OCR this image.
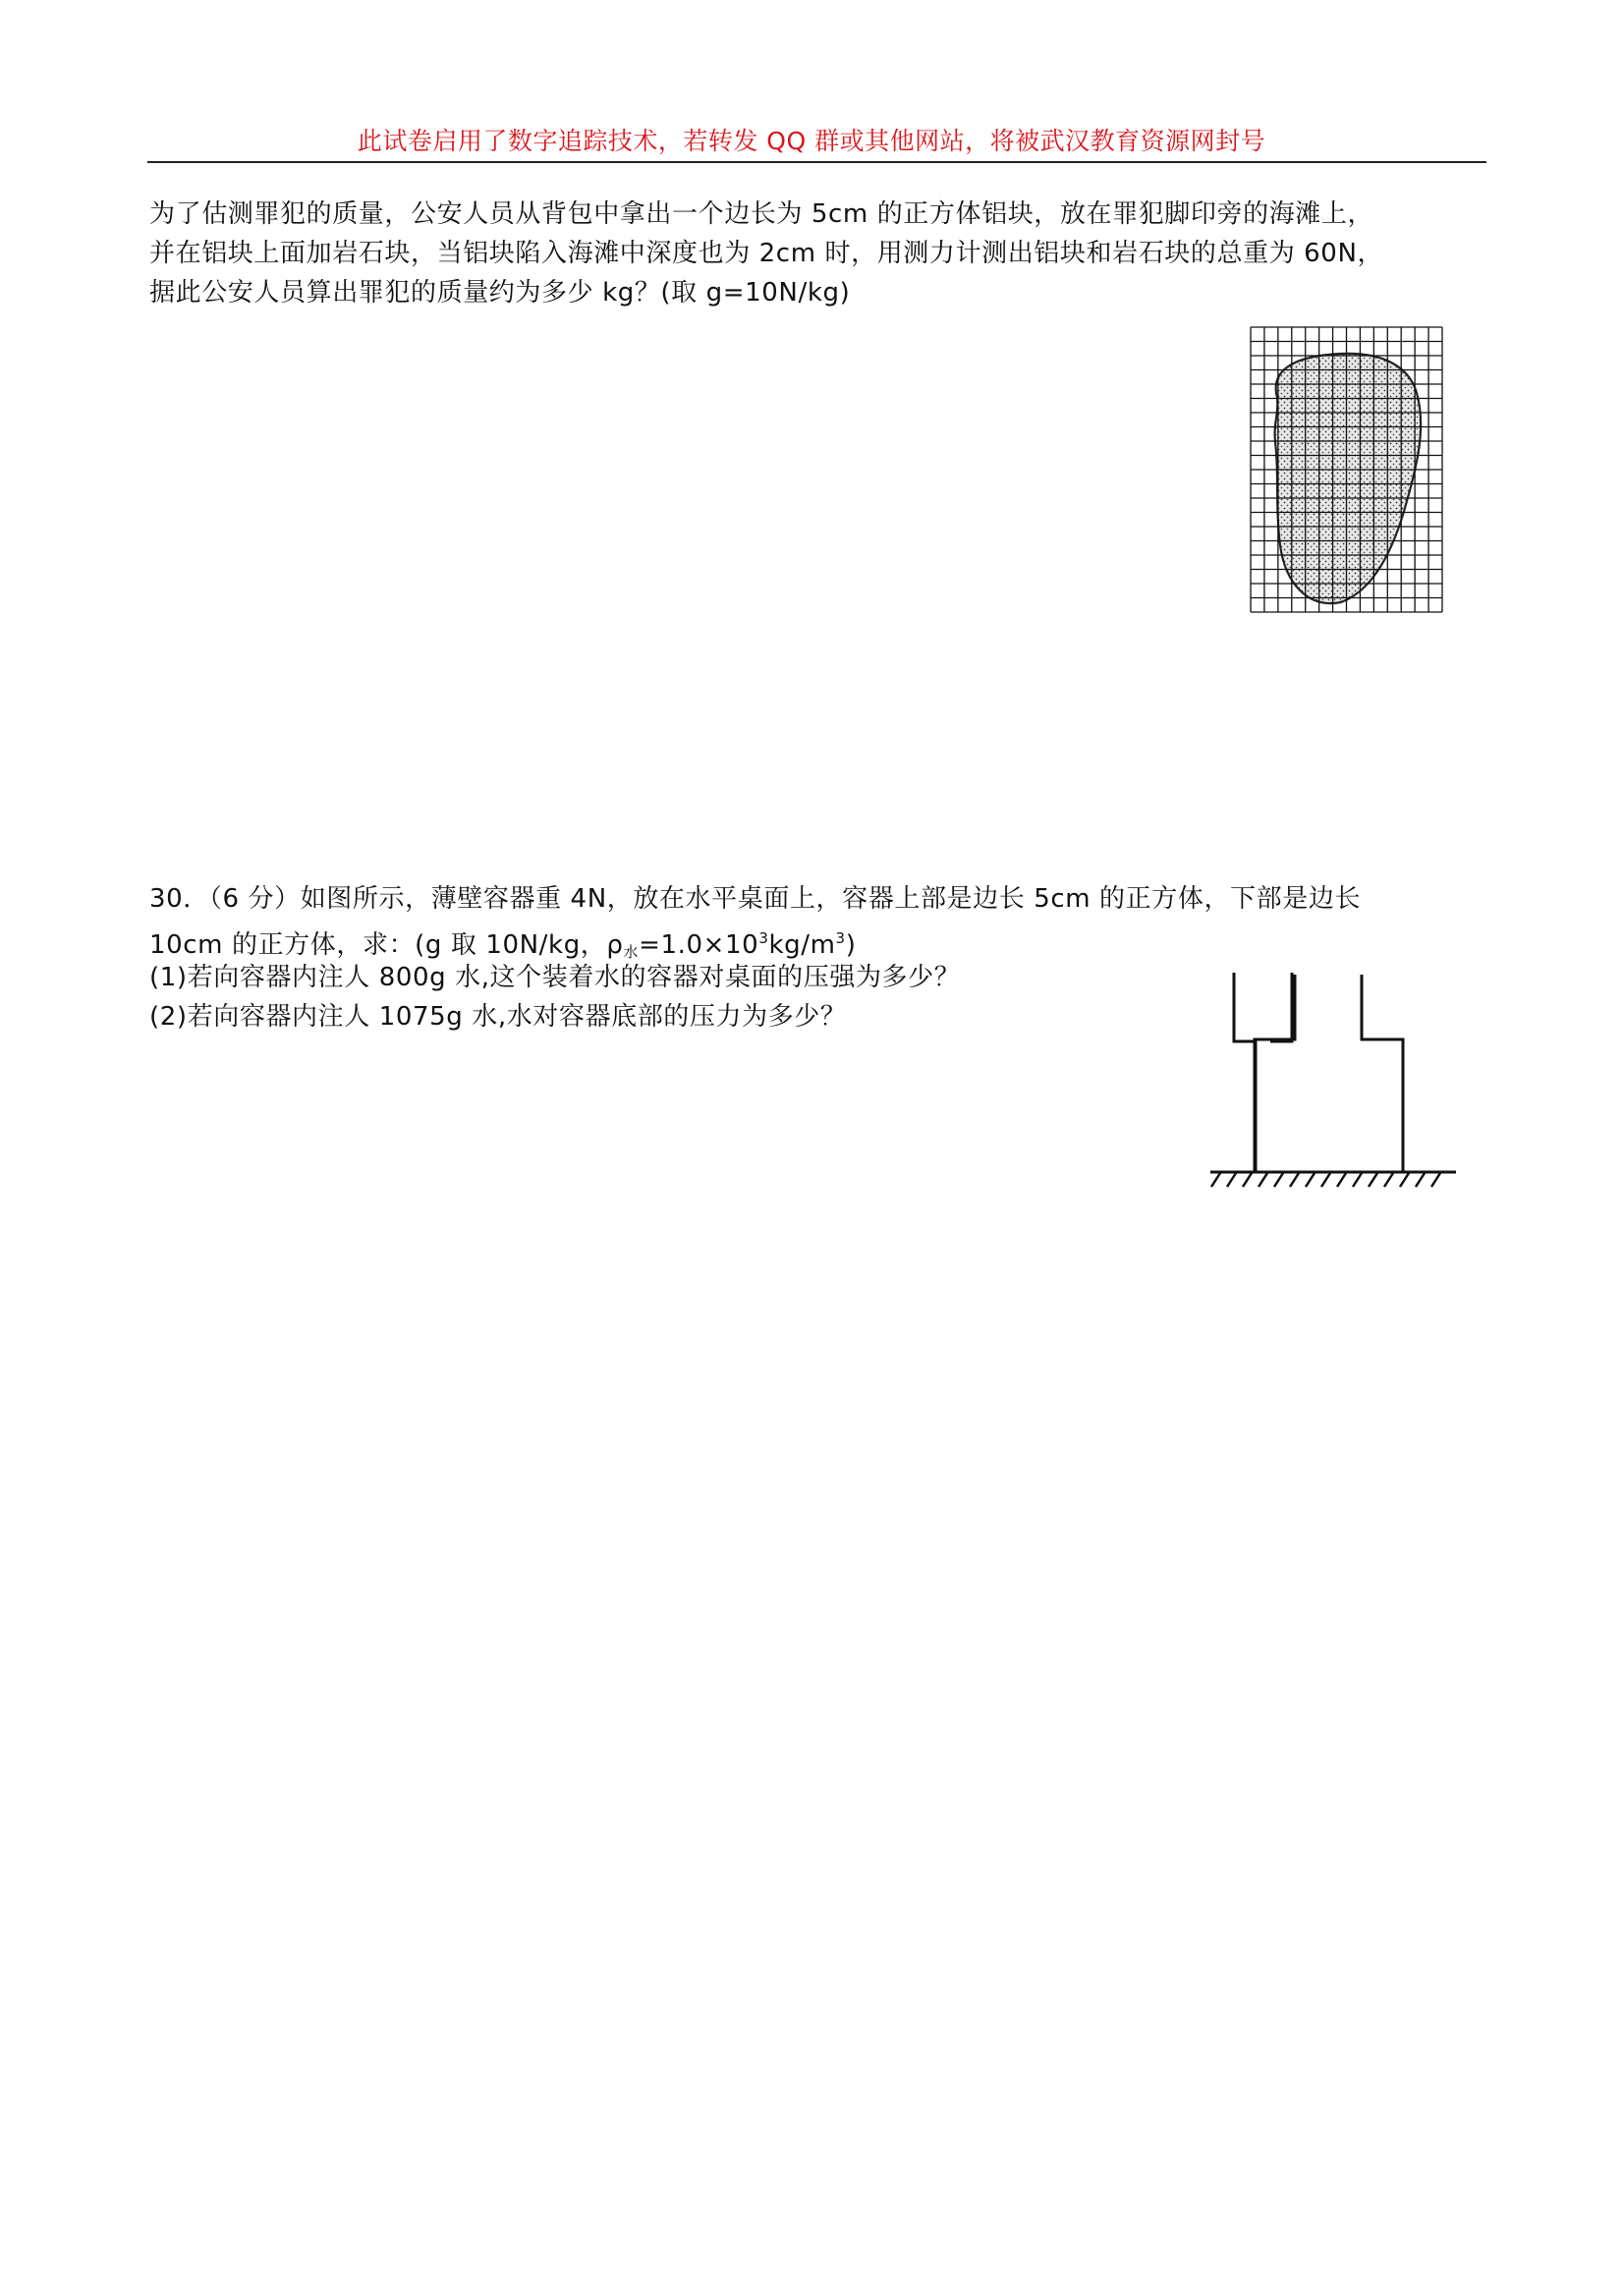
此试卷启用了数字追踪技术，若转发 QQ 群或其他网站，将被武汉教育资源网封号
为了估测罪犯的质量，公安人员从背包中拿出一个边长为 5cm 的正方体铝块，放在罪犯脚印旁的海滩上，
并在铝块上面加岩石块，当铝块陷入海滩中深度也为 2cm 时，用测力计测出铝块和岩石块的总重为 60N，
据此公安人员算出罪犯的质量约为多少 kg？(取 g=10N/kg)
30．（6 分）如图所示，薄壁容器重 4N，放在水平桌面上，容器上部是边长 5cm 的正方体，下部是边长
10cm 的正方体，求：(g 取 10N/kg，$\rho_水=1.0\times 10^3kg/m^3$)
(1)若向容器内注人 800g 水,这个装着水的容器对桌面的压强为多少？
(2)若向容器内注人 1075g 水,水对容器底部的压力为多少？
